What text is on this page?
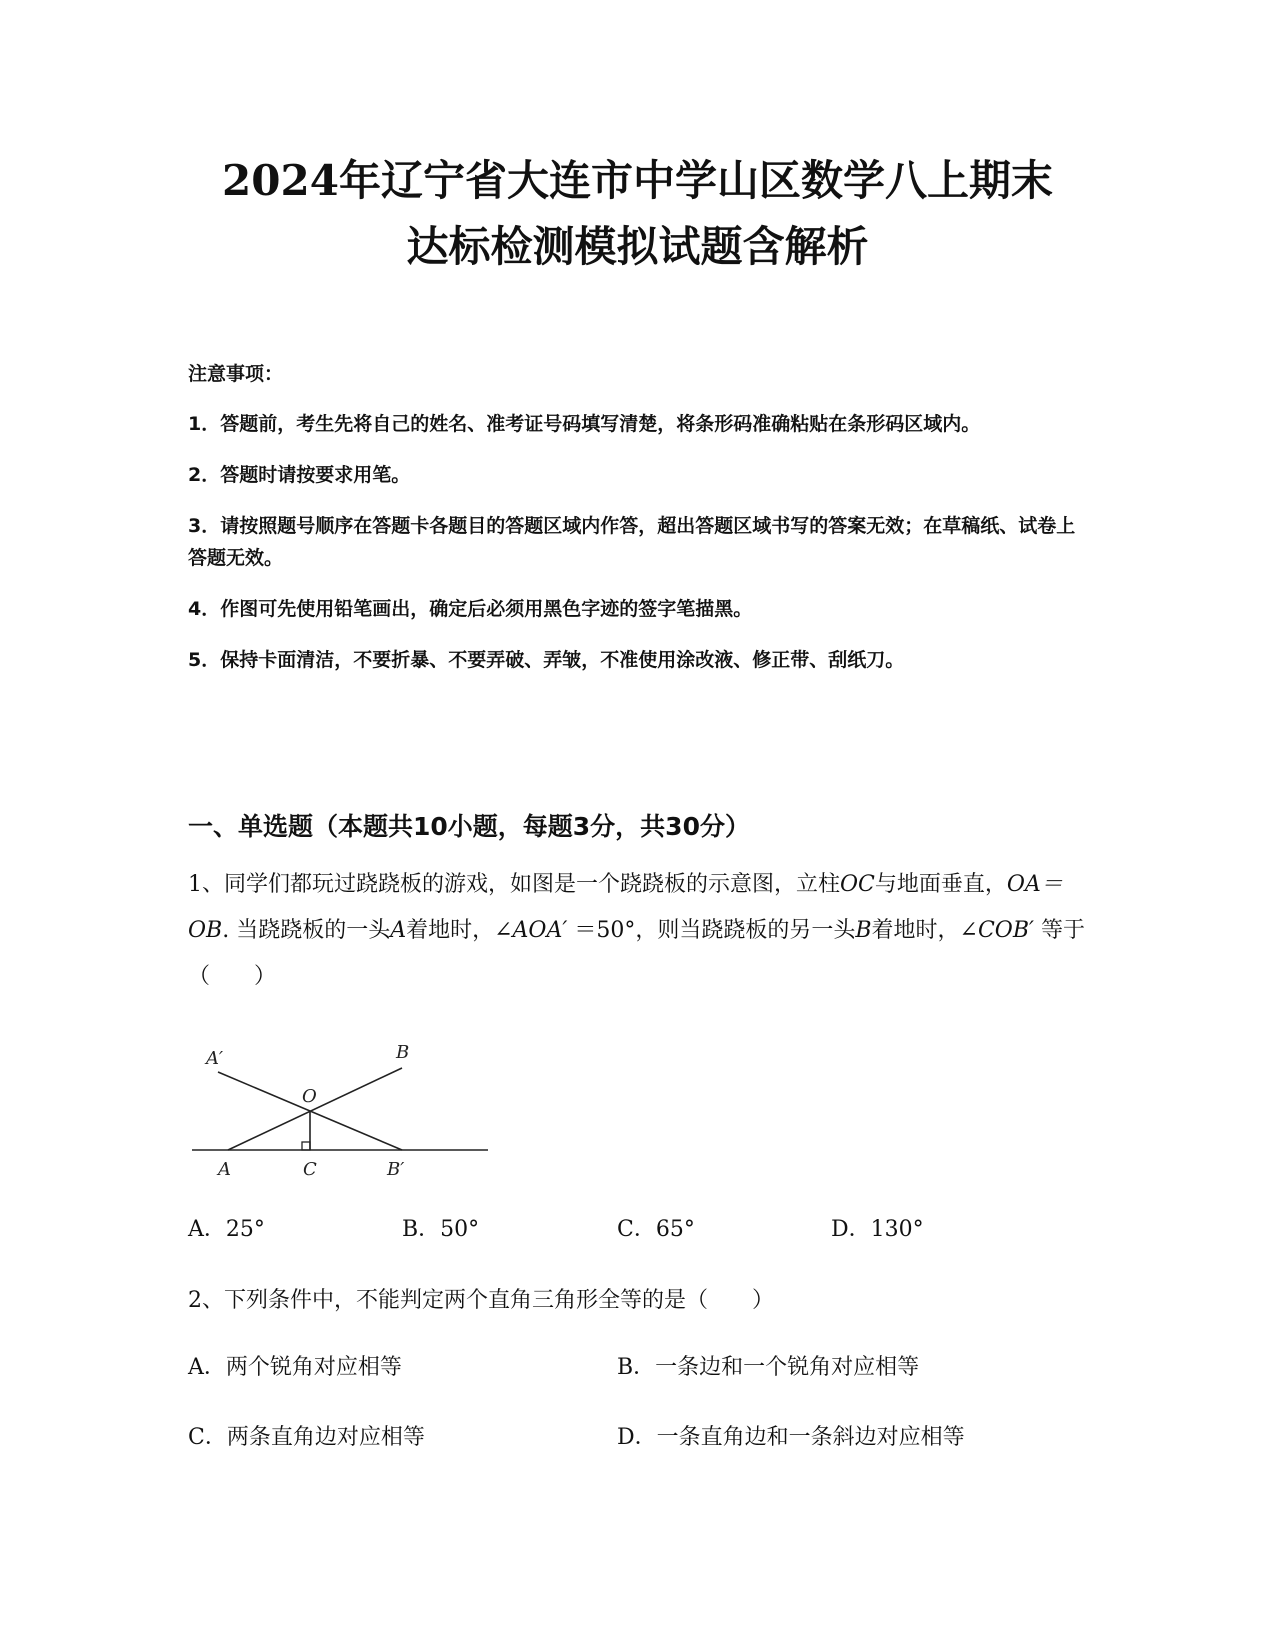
2024年辽宁省大连市中学山区数学八上期末
达标检测模拟试题含解析

注意事项：

1．答题前，考生先将自己的姓名、准考证号码填写清楚，将条形码准确粘贴在条形码区域内。

2．答题时请按要求用笔。

3．请按照题号顺序在答题卡各题目的答题区域内作答，超出答题区域书写的答案无效；在草稿纸、试卷上答题无效。

4．作图可先使用铅笔画出，确定后必须用黑色字迹的签字笔描黑。

5．保持卡面清洁，不要折暴、不要弄破、弄皱，不准使用涂改液、修正带、刮纸刀。

一、单选题（本题共10小题，每题3分，共30分）

1、同学们都玩过跷跷板的游戏，如图是一个跷跷板的示意图，立柱OC与地面垂直，OA＝OB. 当跷跷板的一头A着地时，∠AOA′ ＝50°，则当跷跷板的另一头B着地时，∠COB′ 等于（　　）

A′	B
O
A	C	B′
A．25°	B．50°	C．65°	D．130°

2、下列条件中，不能判定两个直角三角形全等的是（　　）

A．两个锐角对应相等	B．一条边和一个锐角对应相等
C．两条直角边对应相等	D．一条直角边和一条斜边对应相等
